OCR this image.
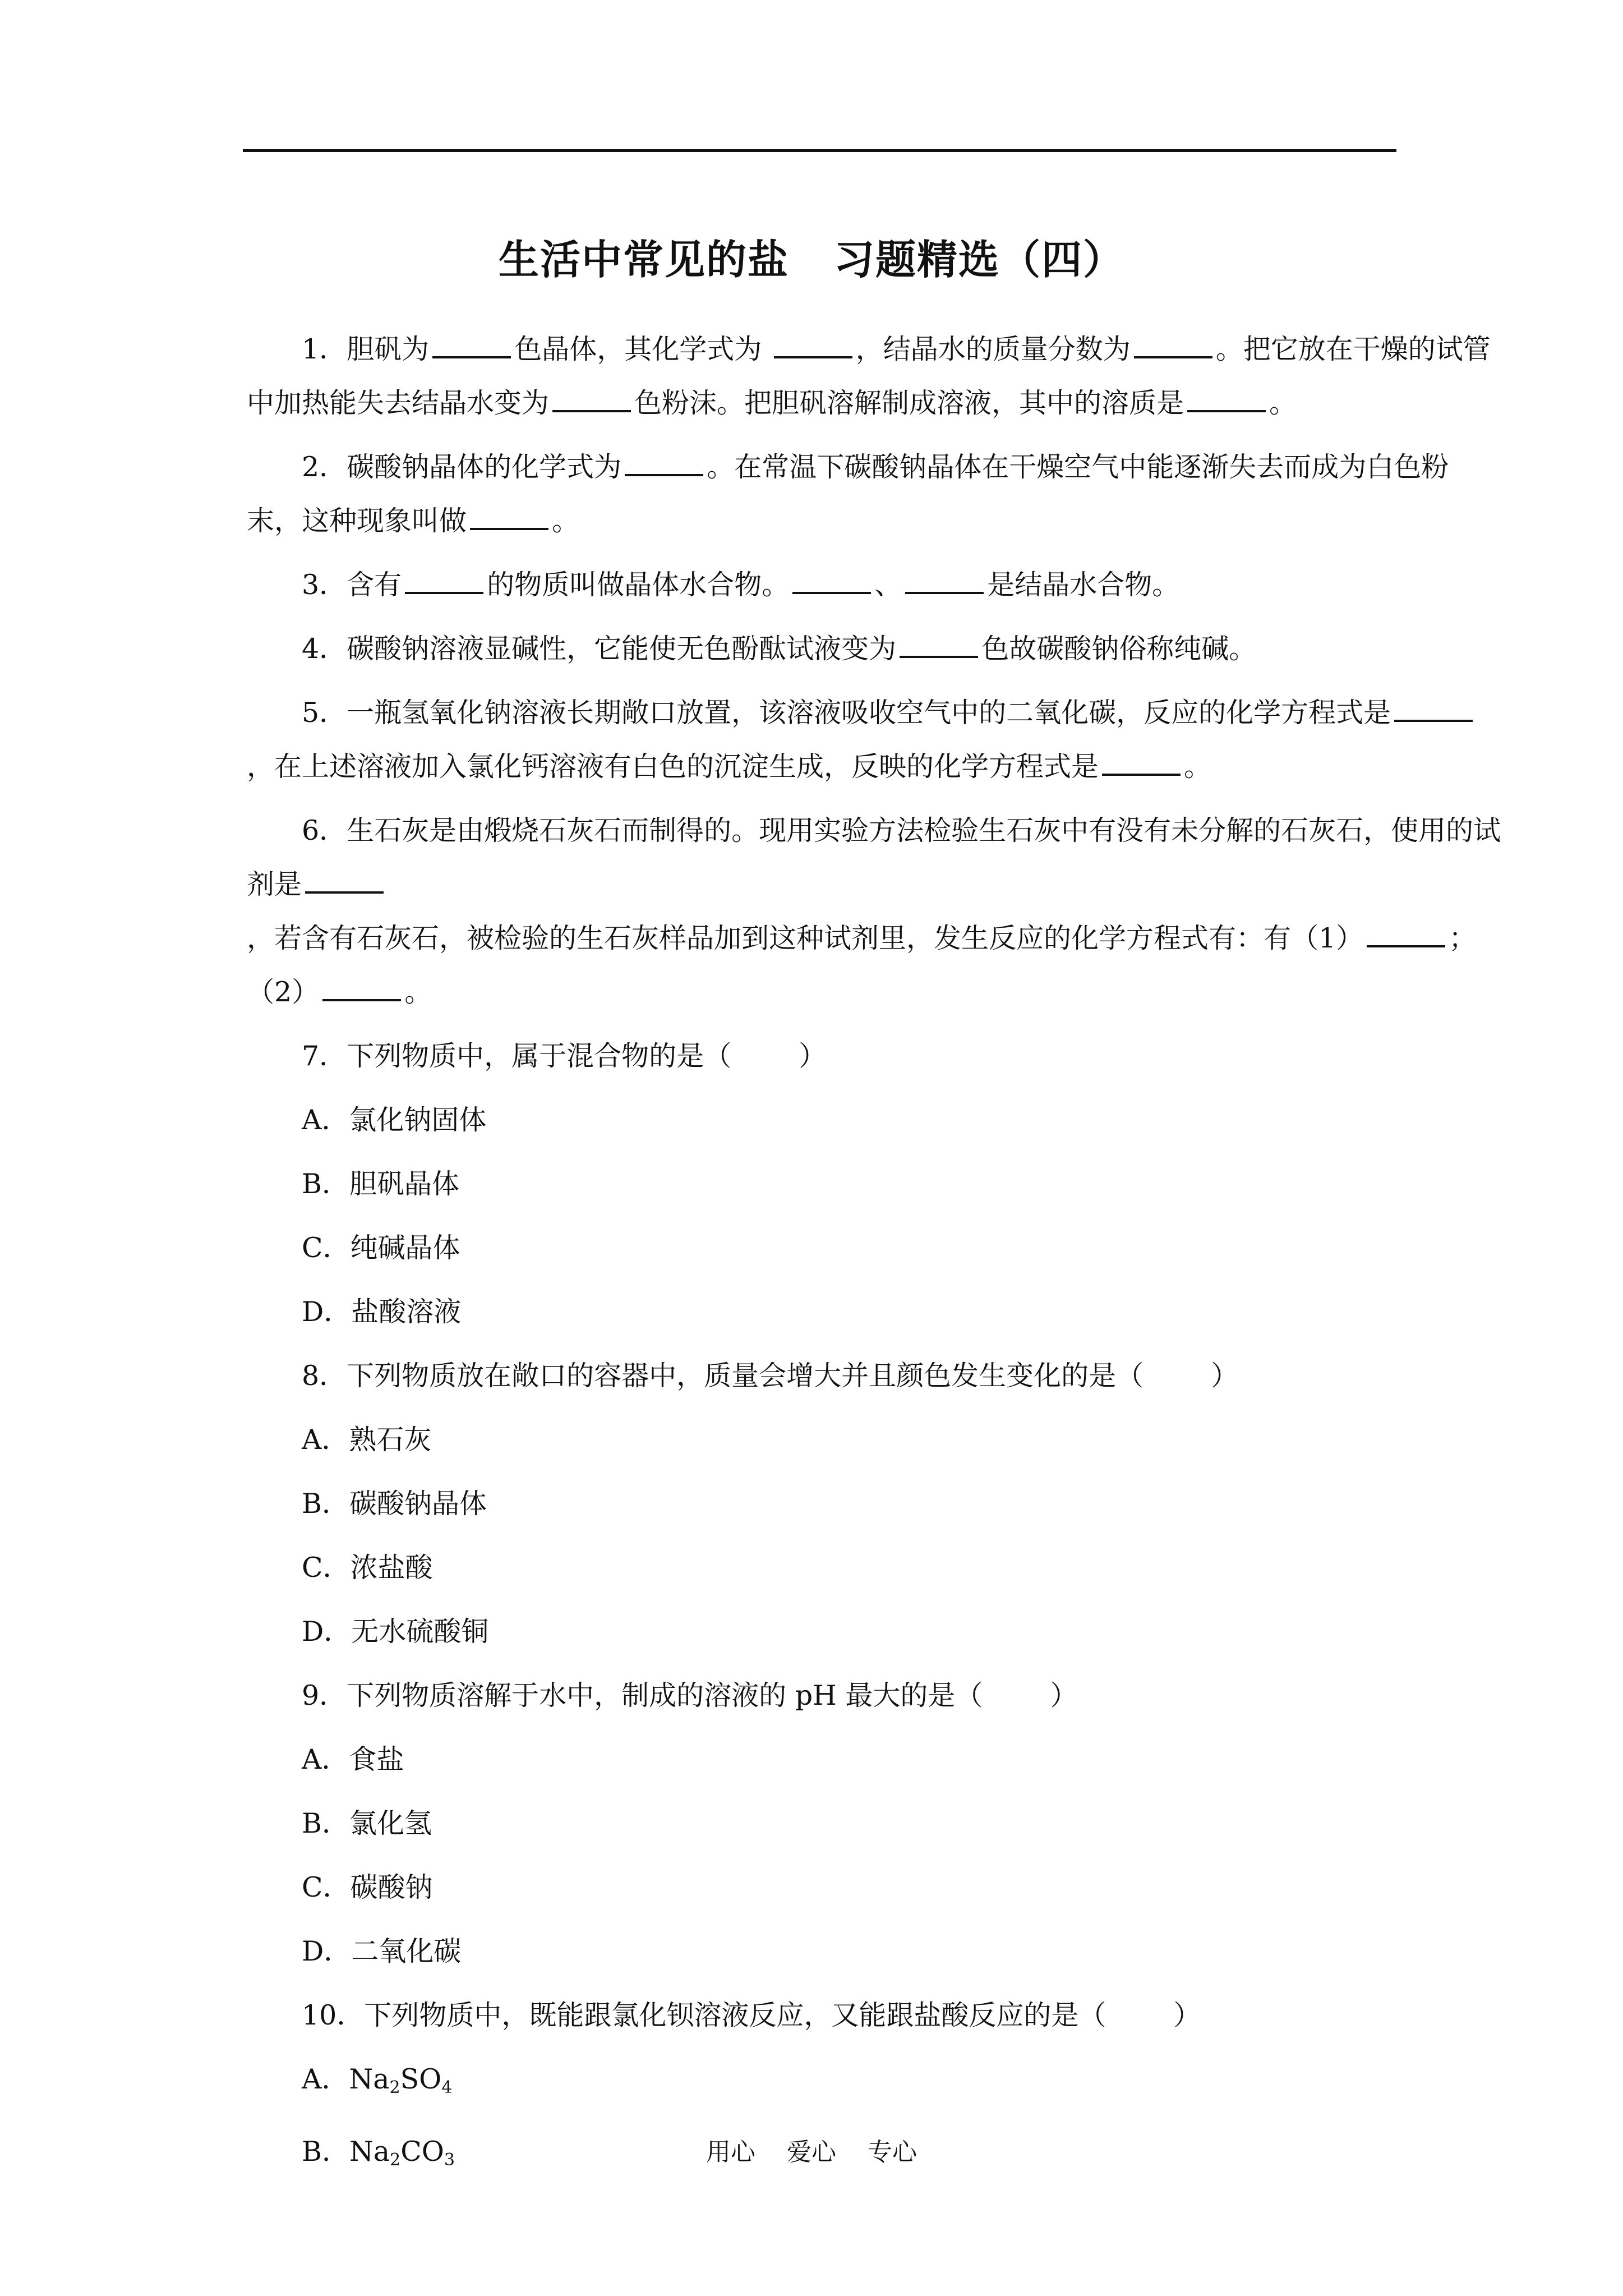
生活中常见的盐 习题精选（四）

1．胆矾为	色晶体，其化学式为	，结晶水的质量分数为	。把它放在干燥的试管中加热能失去结晶水变为	色粉沫。把胆矾溶解制成溶液，其中的溶质是	。

2．碳酸钠晶体的化学式为	。在常温下碳酸钠晶体在干燥空气中能逐渐失去而成为白色粉末，这种现象叫做	。

3．含有	的物质叫做晶体水合物。	、	是结晶水合物。

4．碳酸钠溶液显碱性，它能使无色酚酞试液变为	色故碳酸钠俗称纯碱。

5．一瓶氢氧化钠溶液长期敞口放置，该溶液吸收空气中的二氧化碳，反应的化学方程式是，在上述溶液加入氯化钙溶液有白色的沉淀生成，反映的化学方程式是	。

6．生石灰是由煅烧石灰石而制得的。现用实验方法检验生石灰中有没有未分解的石灰石，使用的试剂是，若含有石灰石，被检验的生石灰样品加到这种试剂里，发生反应的化学方程式有：有（1）	；（2）	。

7．下列物质中，属于混合物的是（ ）

A．氯化钠固体

B．胆矾晶体

C．纯碱晶体

D．盐酸溶液

8．下列物质放在敞口的容器中，质量会增大并且颜色发生变化的是（ ）

A．熟石灰

B．碳酸钠晶体

C．浓盐酸

D．无水硫酸铜

9．下列物质溶解于水中，制成的溶液的 pH 最大的是（ ）

A．食盐

B．氯化氢

C．碳酸钠

D．二氧化碳

10．下列物质中，既能跟氯化钡溶液反应，又能跟盐酸反应的是（ ）

A．$Na_2SO_4$

B．$Na_2CO_3$	用心 爱心 专心
